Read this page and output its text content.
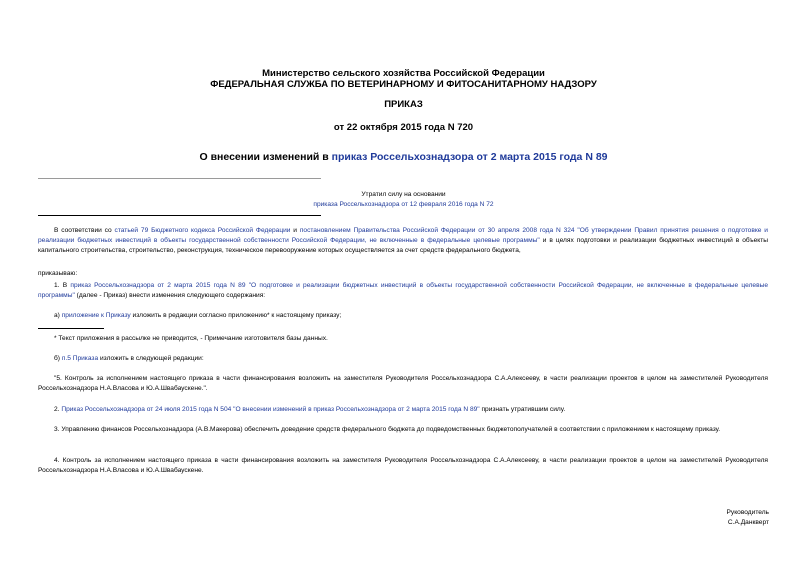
Министерство сельского хозяйства Российской Федерации
ФЕДЕРАЛЬНАЯ СЛУЖБА ПО ВЕТЕРИНАРНОМУ И ФИТОСАНИТАРНОМУ НАДЗОРУ
ПРИКАЗ
от 22 октября 2015 года N 720
О внесении изменений в приказ Россельхознадзора от 2 марта 2015 года N 89
Утратил силу на основании
приказа Россельхознадзора от 12 февраля 2016 года N 72
В соответствии со статьей 79 Бюджетного кодекса Российской Федерации и постановлением Правительства Российской Федерации от 30 апреля 2008 года N 324 "Об утверждении Правил принятия решения о подготовке и реализации бюджетных инвестиций в объекты государственной собственности Российской Федерации, не включенные в федеральные целевые программы" и в целях подготовки и реализации бюджетных инвестиций в объекты капитального строительства, строительство, реконструкция, техническое перевооружение которых осуществляется за счет средств федерального бюджета,
приказываю:
1. В приказ Россельхознадзора от 2 марта 2015 года N 89 "О подготовке и реализации бюджетных инвестиций в объекты государственной собственности Российской Федерации, не включенные в федеральные целевые программы" (далее - Приказ) внести изменения следующего содержания:
а) приложение к Приказу изложить в редакции согласно приложению* к настоящему приказу;
* Текст приложения в рассылке не приводится, - Примечание изготовителя базы данных.
б) п.5 Приказа изложить в следующей редакции:
"5. Контроль за исполнением настоящего приказа в части финансирования возложить на заместителя Руководителя Россельхознадзора С.А.Алексееву, в части реализации проектов в целом на заместителей Руководителя Россельхознадзора Н.А.Власова и Ю.А.Швабаускене.".
2. Приказ Россельхознадзора от 24 июля 2015 года N 504 "О внесении изменений в приказ Россельхознадзора от 2 марта 2015 года N 89" признать утратившим силу.
3. Управлению финансов Россельхознадзора (А.В.Макерова) обеспечить доведение средств федерального бюджета до подведомственных бюджетополучателей в соответствии с приложением к настоящему приказу.
4. Контроль за исполнением настоящего приказа в части финансирования возложить на заместителя Руководителя Россельхознадзора С.А.Алексееву, в части реализации проектов в целом на заместителей Руководителя Россельхознадзора Н.А.Власова и Ю.А.Швабаускене.
Руководитель
С.А.Данкверт
